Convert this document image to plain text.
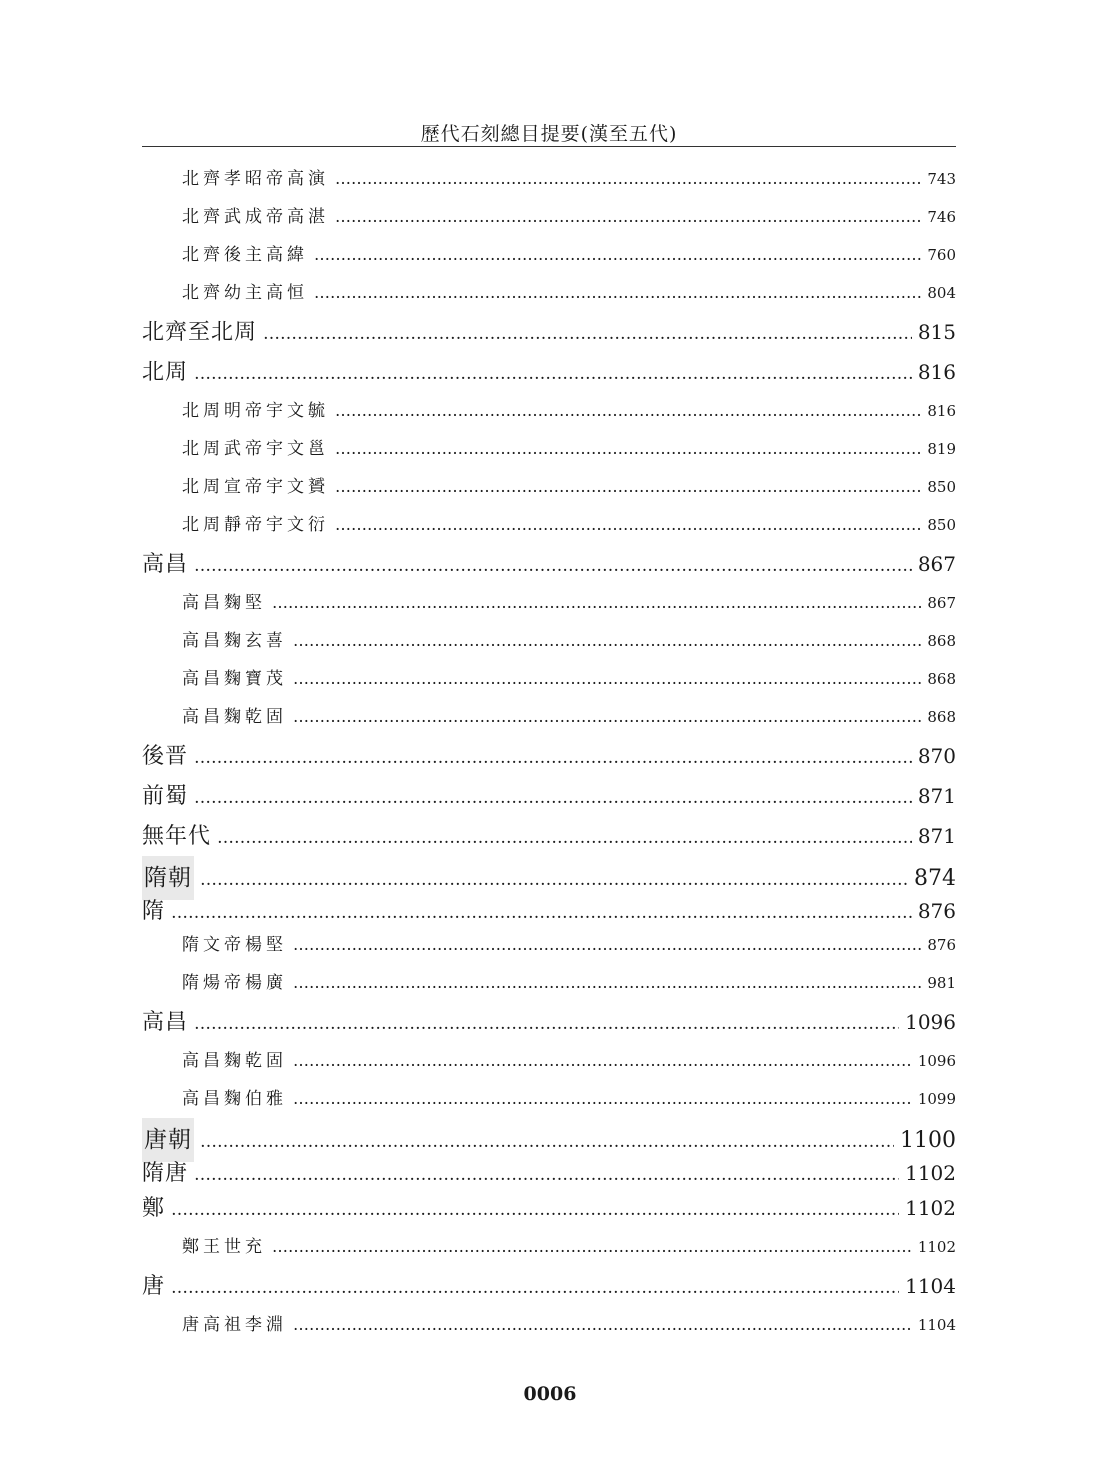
歷代石刻總目提要(漢至五代)
北齊孝昭帝高演 …………………………………………………………………………………………………………………………………………………………………………………………	743
北齊武成帝高湛 …………………………………………………………………………………………………………………………………………………………………………………………	746
北齊後主高緯 …………………………………………………………………………………………………………………………………………………………………………………………	760
北齊幼主高恒 …………………………………………………………………………………………………………………………………………………………………………………………	804
北齊至北周 …………………………………………………………………………………………………………………………………………………………………………………………	815
北周 …………………………………………………………………………………………………………………………………………………………………………………………	816
北周明帝宇文毓 …………………………………………………………………………………………………………………………………………………………………………………………	816
北周武帝宇文邕 …………………………………………………………………………………………………………………………………………………………………………………………	819
北周宣帝宇文贇 …………………………………………………………………………………………………………………………………………………………………………………………	850
北周靜帝宇文衍 …………………………………………………………………………………………………………………………………………………………………………………………	850
高昌 …………………………………………………………………………………………………………………………………………………………………………………………	867
高昌麴堅 …………………………………………………………………………………………………………………………………………………………………………………………	867
高昌麴玄喜 …………………………………………………………………………………………………………………………………………………………………………………………	868
高昌麴寶茂 …………………………………………………………………………………………………………………………………………………………………………………………	868
高昌麴乾固 …………………………………………………………………………………………………………………………………………………………………………………………	868
後晋 …………………………………………………………………………………………………………………………………………………………………………………………	870
前蜀 …………………………………………………………………………………………………………………………………………………………………………………………	871
無年代 …………………………………………………………………………………………………………………………………………………………………………………………	871
隋朝 …………………………………………………………………………………………………………………………………………………………………………………………	874
隋 …………………………………………………………………………………………………………………………………………………………………………………………	876
隋文帝楊堅 …………………………………………………………………………………………………………………………………………………………………………………………	876
隋煬帝楊廣 …………………………………………………………………………………………………………………………………………………………………………………………	981
高昌 …………………………………………………………………………………………………………………………………………………………………………………………	1096
高昌麴乾固 …………………………………………………………………………………………………………………………………………………………………………………………	1096
高昌麴伯雅 …………………………………………………………………………………………………………………………………………………………………………………………	1099
唐朝 …………………………………………………………………………………………………………………………………………………………………………………………	1100
隋唐 …………………………………………………………………………………………………………………………………………………………………………………………	1102
鄭 …………………………………………………………………………………………………………………………………………………………………………………………	1102
鄭王世充 …………………………………………………………………………………………………………………………………………………………………………………………	1102
唐 …………………………………………………………………………………………………………………………………………………………………………………………	1104
唐高祖李淵 …………………………………………………………………………………………………………………………………………………………………………………………	1104
0006
